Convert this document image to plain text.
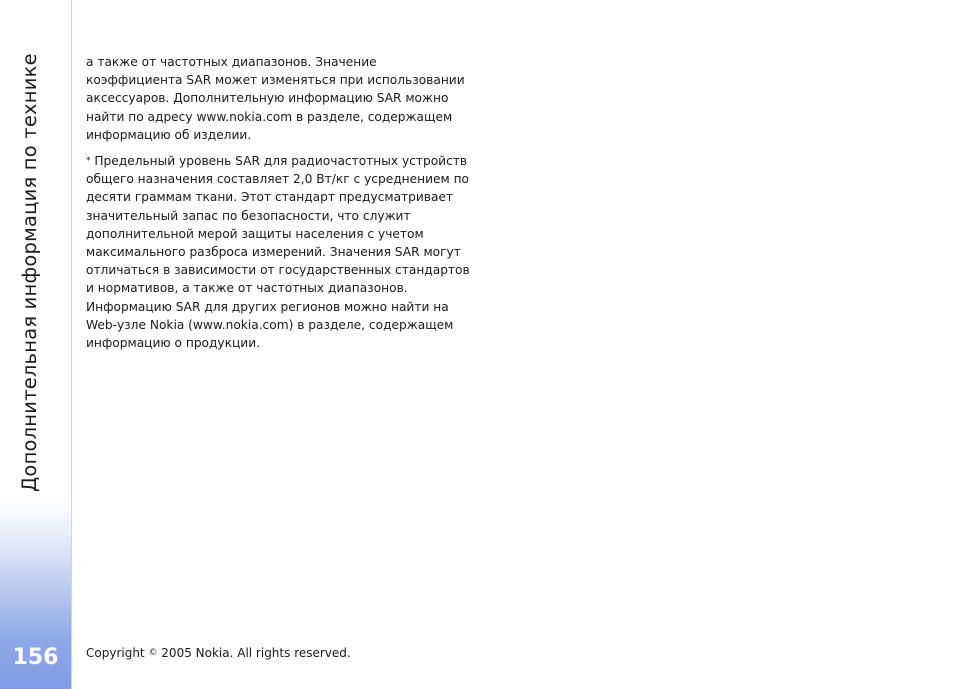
Дополнительная информация по технике
156

а также от частотных диапазонов. Значение
коэффициента SAR может изменяться при использовании
аксессуаров. Дополнительную информацию SAR можно
найти по адресу www.nokia.com в разделе, содержащем
информацию об изделии.

* Предельный уровень SAR для радиочастотных устройств
общего назначения составляет 2,0 Вт/кг с усреднением по
десяти граммам ткани. Этот стандарт предусматривает
значительный запас по безопасности, что служит
дополнительной мерой защиты населения с учетом
максимального разброса измерений. Значения SAR могут
отличаться в зависимости от государственных стандартов
и нормативов, а также от частотных диапазонов.
Информацию SAR для других регионов можно найти на
Web-узле Nokia (www.nokia.com) в разделе, содержащем
информацию о продукции.

Copyright © 2005 Nokia. All rights reserved.
